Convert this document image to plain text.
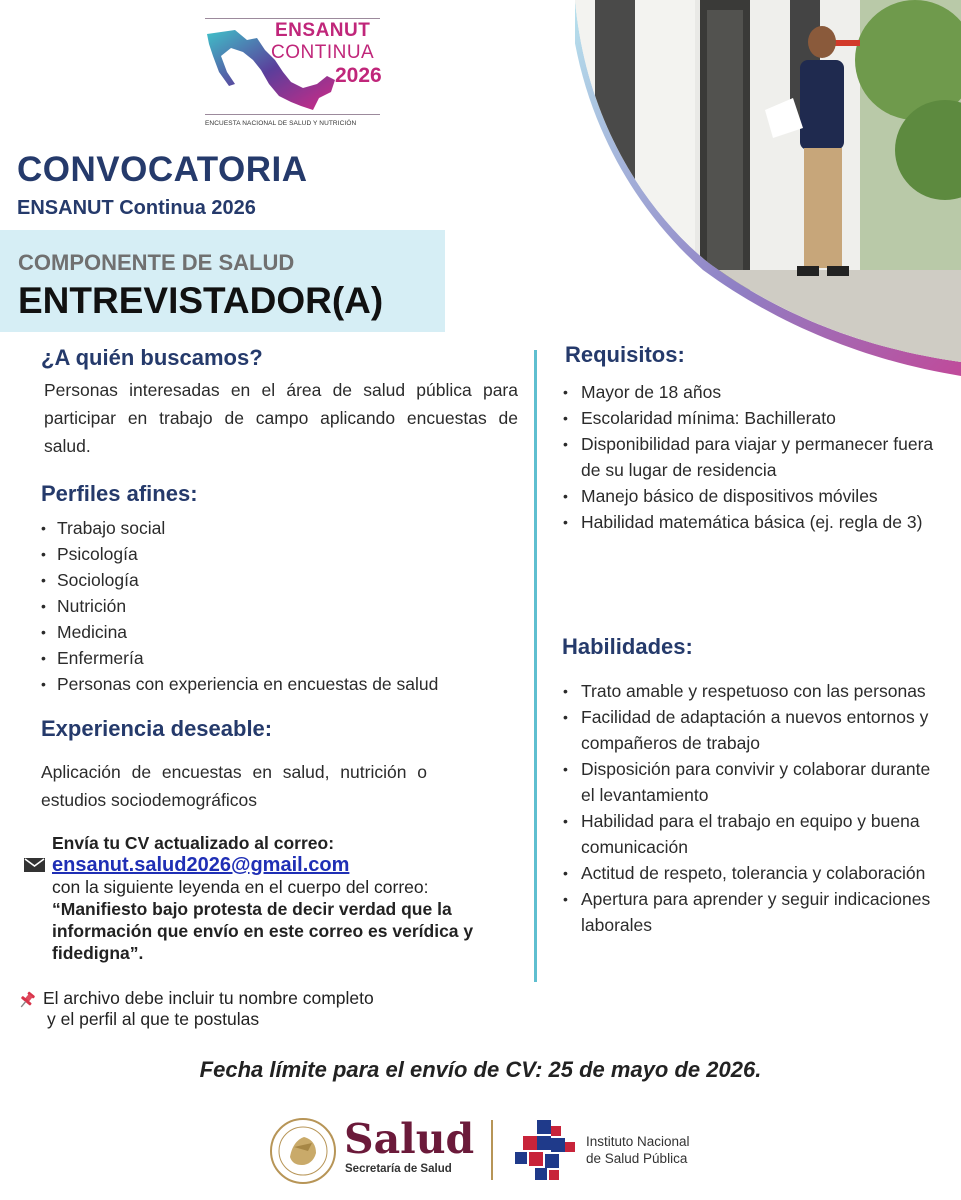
ENSANUT
CONTINUA
2026
ENCUESTA NACIONAL DE SALUD Y NUTRICIÓN
CONVOCATORIA
ENSANUT Continua 2026
COMPONENTE DE SALUD
ENTREVISTADOR(A)
¿A quién buscamos?
Personas interesadas en el área de salud pública para participar en trabajo de campo aplicando encuestas de salud.
Perfiles afines:
• Trabajo social
• Psicología
• Sociología
• Nutrición
• Medicina
• Enfermería
• Personas con experiencia en encuestas de salud
Experiencia deseable:
Aplicación de encuestas en salud, nutrición o estudios sociodemográficos
Requisitos:
• Mayor de 18 años
• Escolaridad mínima: Bachillerato
• Disponibilidad para viajar y permanecer fuera de su lugar de residencia
• Manejo básico de dispositivos móviles
• Habilidad matemática básica (ej. regla de 3)
Habilidades:
• Trato amable y respetuoso con las personas
• Facilidad de adaptación a nuevos entornos y compañeros de trabajo
• Disposición para convivir y colaborar durante el levantamiento
• Habilidad para el trabajo en equipo y buena comunicación
• Actitud de respeto, tolerancia y colaboración
• Apertura para aprender y seguir indicaciones laborales
Envía tu CV actualizado al correo:
ensanut.salud2026@gmail.com
con la siguiente leyenda en el cuerpo del correo:
“Manifiesto bajo protesta de decir verdad que la información que envío en este correo es verídica y fidedigna”.
El archivo debe incluir tu nombre completo
y el perfil al que te postulas
Fecha límite para el envío de CV: 25 de mayo de 2026.
Salud
Secretaría de Salud
Instituto Nacional
de Salud Pública
